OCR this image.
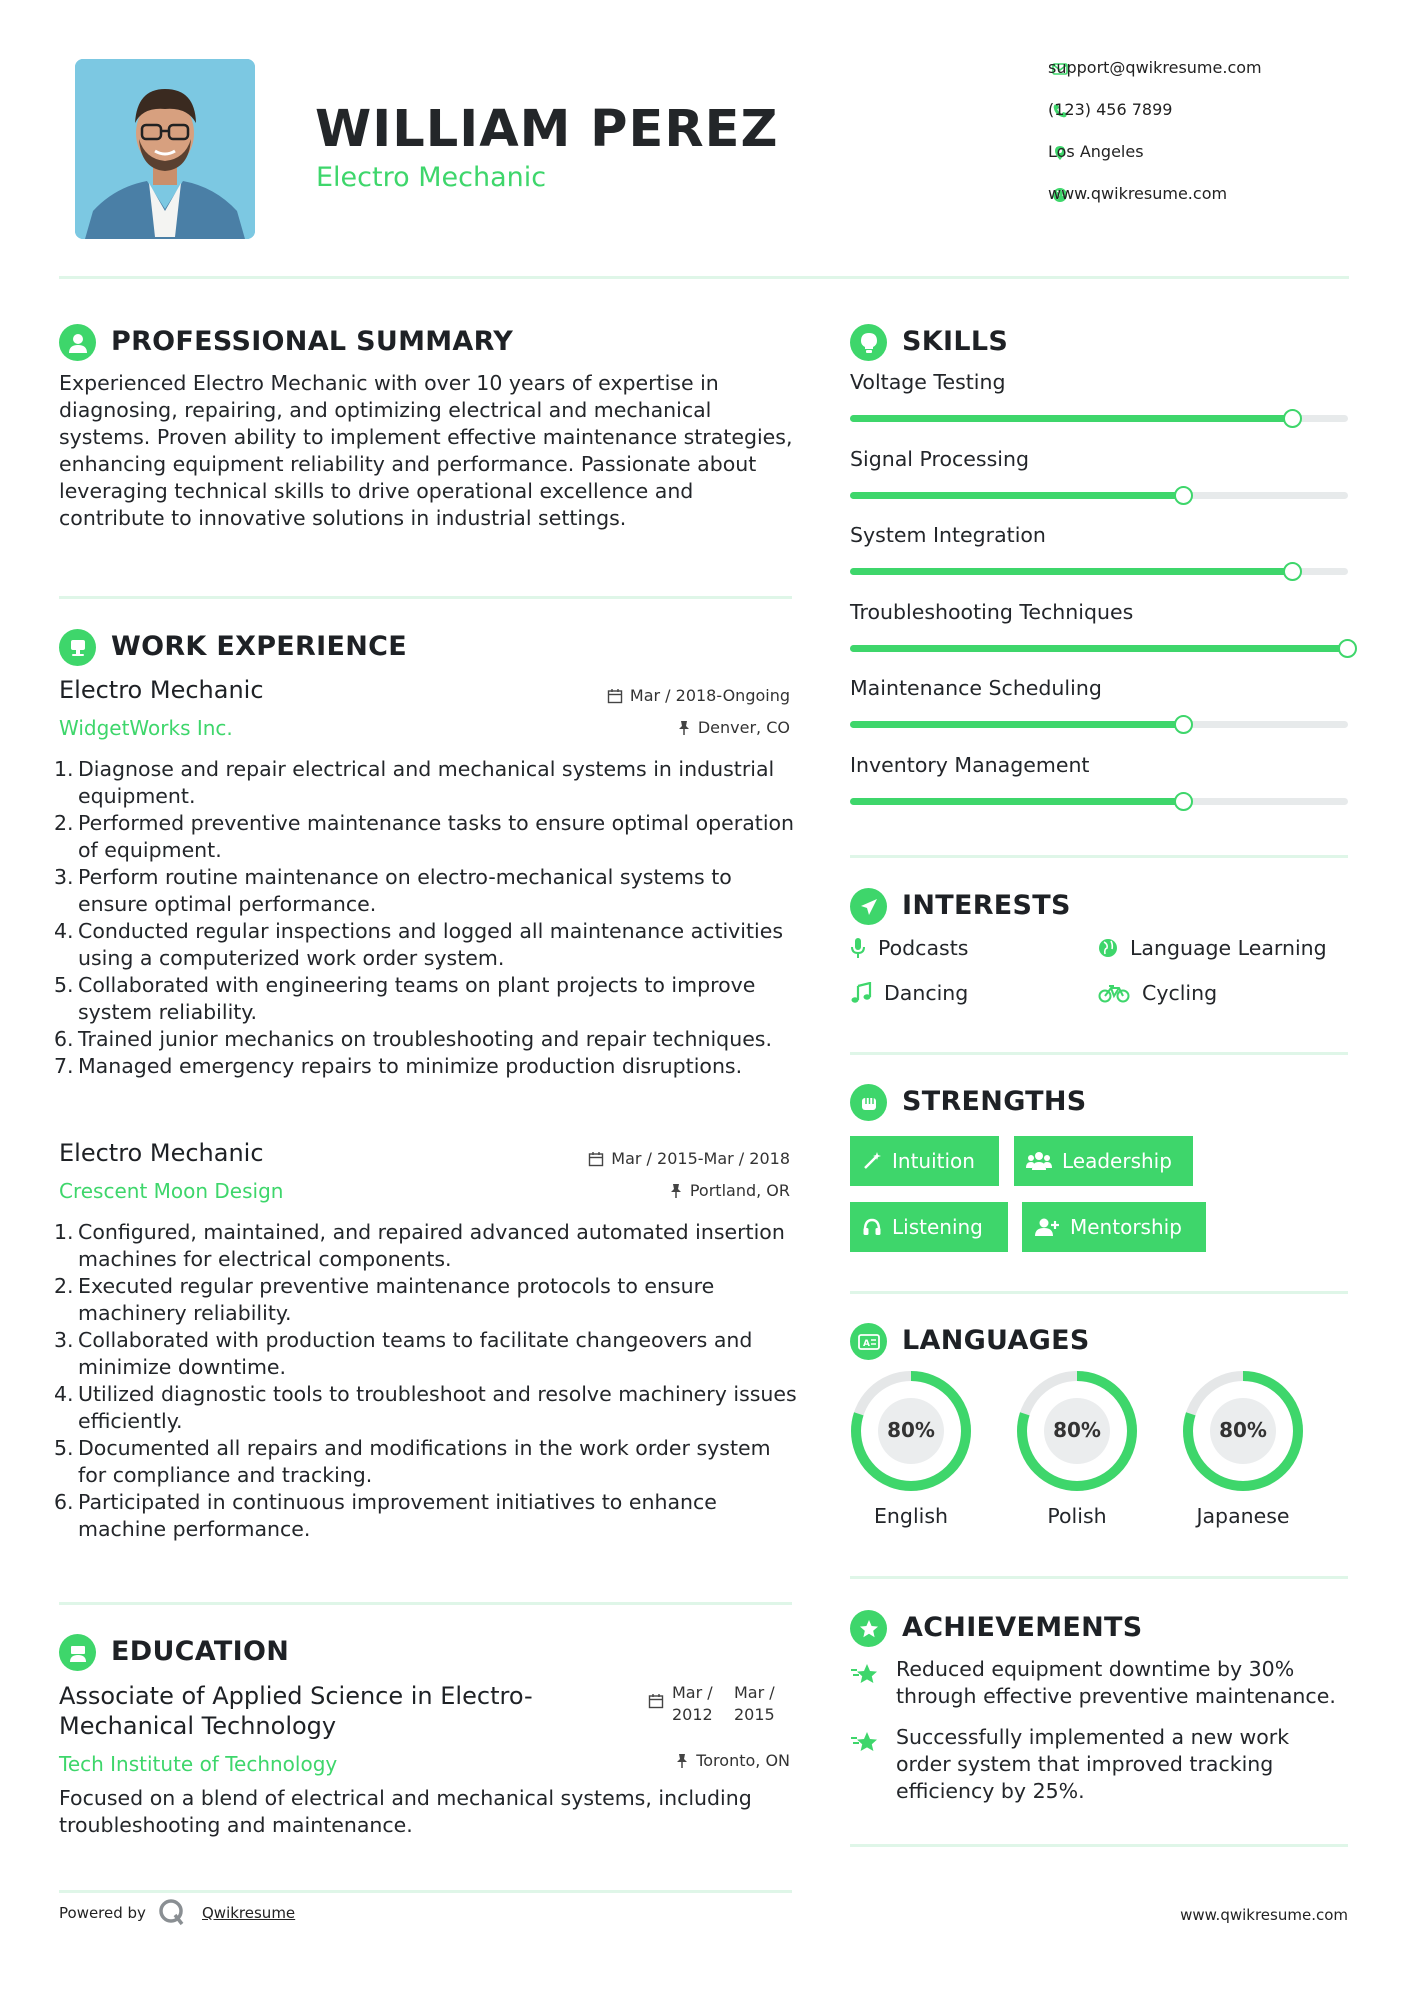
WILLIAM PEREZ
Electro Mechanic
support@qwikresume.com
(123) 456 7899
Los Angeles
www.qwikresume.com
PROFESSIONAL SUMMARY
Experienced Electro Mechanic with over 10 years of expertise in diagnosing, repairing, and optimizing electrical and mechanical systems. Proven ability to implement effective maintenance strategies, enhancing equipment reliability and performance. Passionate about leveraging technical skills to drive operational excellence and contribute to innovative solutions in industrial settings.
WORK EXPERIENCE
Electro Mechanic
WidgetWorks Inc.
Mar / 2018-Ongoing
Denver, CO
1. Diagnose and repair electrical and mechanical systems in industrial equipment.
2. Performed preventive maintenance tasks to ensure optimal operation of equipment.
3. Perform routine maintenance on electro-mechanical systems to ensure optimal performance.
4. Conducted regular inspections and logged all maintenance activities using a computerized work order system.
5. Collaborated with engineering teams on plant projects to improve system reliability.
6. Trained junior mechanics on troubleshooting and repair techniques.
7. Managed emergency repairs to minimize production disruptions.
Electro Mechanic
Crescent Moon Design
Mar / 2015-Mar / 2018
Portland, OR
1. Configured, maintained, and repaired advanced automated insertion machines for electrical components.
2. Executed regular preventive maintenance protocols to ensure machinery reliability.
3. Collaborated with production teams to facilitate changeovers and minimize downtime.
4. Utilized diagnostic tools to troubleshoot and resolve machinery issues efficiently.
5. Documented all repairs and modifications in the work order system for compliance and tracking.
6. Participated in continuous improvement initiatives to enhance machine performance.
EDUCATION
Associate of Applied Science in Electro-
Mechanical Technology
Tech Institute of Technology
Mar /
2012
Mar /
2015
Toronto, ON
Focused on a blend of electrical and mechanical systems, including troubleshooting and maintenance.
SKILLS
Voltage Testing
Signal Processing
System Integration
Troubleshooting Techniques
Maintenance Scheduling
Inventory Management
INTERESTS
Podcasts	Language Learning
Dancing	Cycling
STRENGTHS
Intuition	Leadership
Listening	Mentorship
A LANGUAGES
80%
English
80%
Polish
80%
Japanese
ACHIEVEMENTS
Reduced equipment downtime by 30% through effective preventive maintenance.
Successfully implemented a new work order system that improved tracking efficiency by 25%.
Powered by	Qwikresume	www.qwikresume.com
